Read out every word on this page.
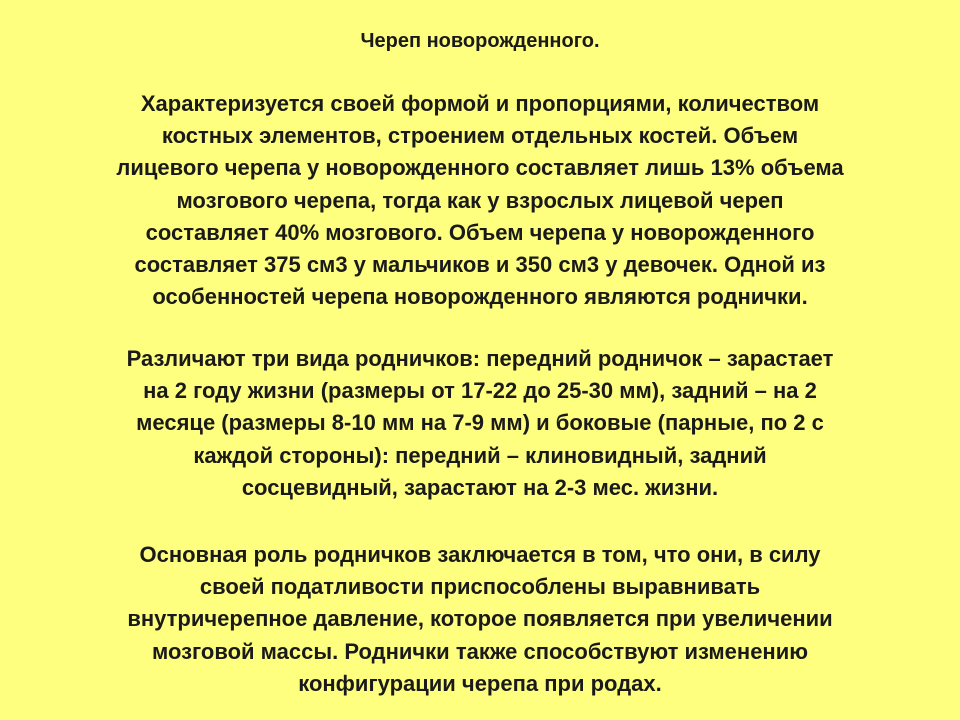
Череп новорожденного.

Характеризуется своей формой и пропорциями, количеством
костных элементов, строением отдельных костей. Объем
лицевого черепа у новорожденного составляет лишь 13% объема
мозгового черепа, тогда как у взрослых лицевой череп
составляет 40% мозгового. Объем черепа у новорожденного
составляет 375 см3 у мальчиков и 350 см3 у девочек. Одной из
особенностей черепа новорожденного являются роднички.

Различают три вида родничков: передний родничок – зарастает
на 2 году жизни (размеры от 17-22 до 25-30 мм), задний – на 2
месяце (размеры 8-10 мм на 7-9 мм) и боковые (парные, по 2 с
каждой стороны): передний – клиновидный, задний
сосцевидный, зарастают на 2-3 мес. жизни.

Основная роль родничков заключается в том, что они, в силу
своей податливости приспособлены выравнивать
внутричерепное давление, которое появляется при увеличении
мозговой массы. Роднички также способствуют изменению
конфигурации черепа при родах.
